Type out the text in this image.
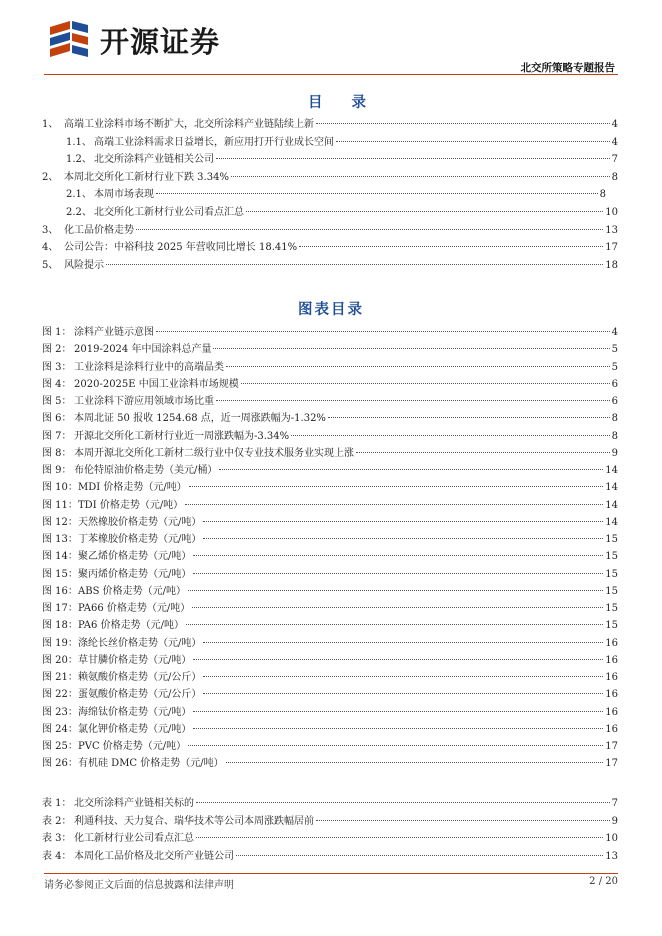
开源证券
北交所策略专题报告
目 录
1、 高端工业涂料市场不断扩大，北交所涂料产业链陆续上新	4
1.1、 高端工业涂料需求日益增长，新应用打开行业成长空间	4
1.2、 北交所涂料产业链相关公司	7
2、 本周北交所化工新材行业下跌 3.34%	8
2.1、 本周市场表现	8
2.2、 北交所化工新材行业公司看点汇总	10
3、 化工品价格走势	13
4、 公司公告：中裕科技 2025 年营收同比增长 18.41%	17
5、 风险提示	18
图表目录
图 1： 涂料产业链示意图	4
图 2： 2019-2024 年中国涂料总产量	5
图 3： 工业涂料是涂料行业中的高端品类	5
图 4： 2020-2025E 中国工业涂料市场规模	6
图 5： 工业涂料下游应用领域市场比重	6
图 6： 本周北证 50 报收 1254.68 点，近一周涨跌幅为-1.32%	8
图 7： 开源北交所化工新材行业近一周涨跌幅为-3.34%	8
图 8： 本周开源北交所化工新材二级行业中仅专业技术服务业实现上涨	9
图 9： 布伦特原油价格走势（美元/桶）	14
图 10： MDI 价格走势（元/吨）	14
图 11： TDI 价格走势（元/吨）	14
图 12： 天然橡胶价格走势（元/吨）	14
图 13： 丁苯橡胶价格走势（元/吨）	15
图 14： 聚乙烯价格走势（元/吨）	15
图 15： 聚丙烯价格走势（元/吨）	15
图 16： ABS 价格走势（元/吨）	15
图 17： PA66 价格走势（元/吨）	15
图 18： PA6 价格走势（元/吨）	15
图 19： 涤纶长丝价格走势（元/吨）	16
图 20： 草甘膦价格走势（元/吨）	16
图 21： 赖氨酸价格走势（元/公斤）	16
图 22： 蛋氨酸价格走势（元/公斤）	16
图 23： 海绵钛价格走势（元/吨）	16
图 24： 氯化钾价格走势（元/吨）	16
图 25： PVC 价格走势（元/吨）	17
图 26： 有机硅 DMC 价格走势（元/吨）	17
表 1： 北交所涂料产业链相关标的	7
表 2： 利通科技、天力复合、瑞华技术等公司本周涨跌幅居前	9
表 3： 化工新材行业公司看点汇总	10
表 4： 本周化工品价格及北交所产业链公司	13
请务必参阅正文后面的信息披露和法律声明	2 / 20
